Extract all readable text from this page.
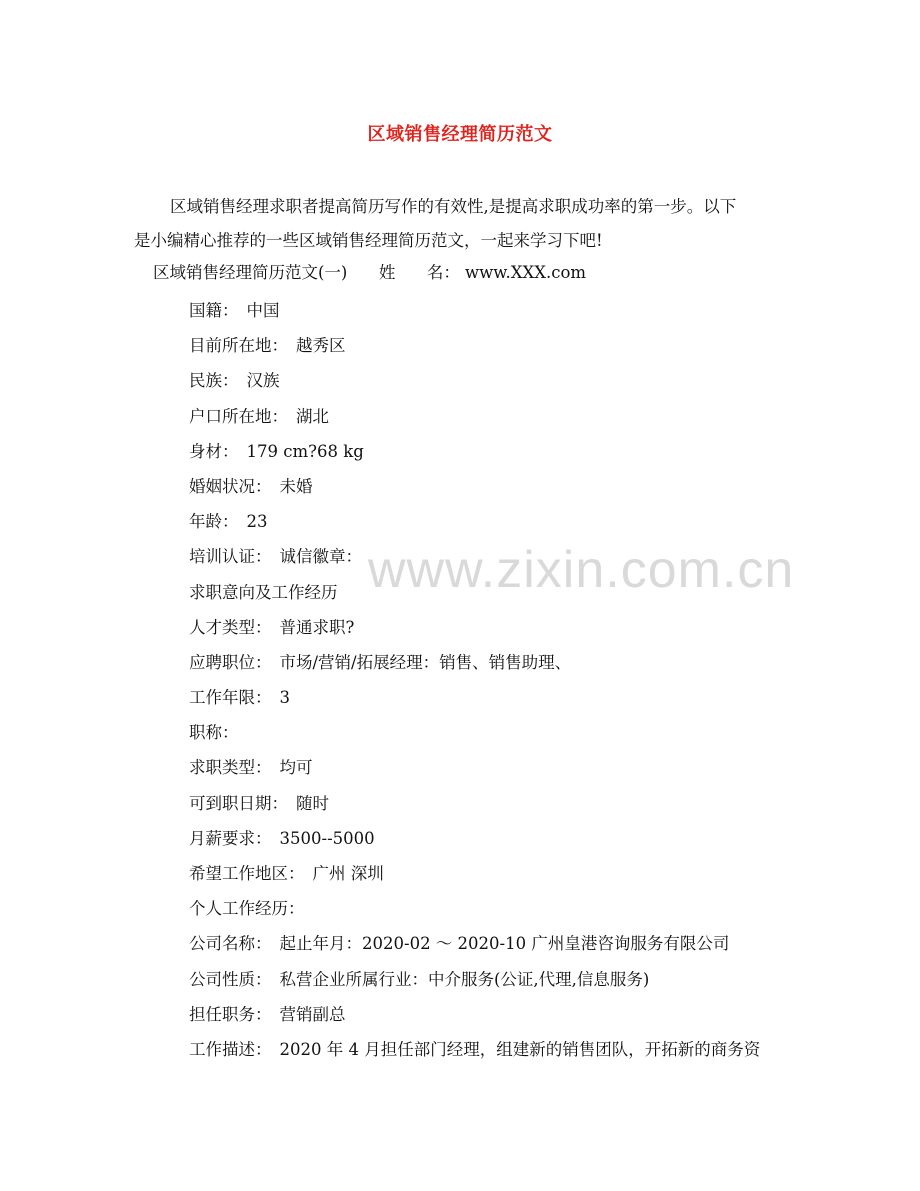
区域销售经理简历范文
区域销售经理求职者提高简历写作的有效性,是提高求职成功率的第一步。以下
是小编精心推荐的一些区域销售经理简历范文，一起来学习下吧!
区域销售经理简历范文(一)      姓      名： www.XXX.com
国籍： 中国
目前所在地： 越秀区
民族： 汉族
户口所在地： 湖北
身材： 179 cm?68 kg
婚姻状况： 未婚
年龄： 23
培训认证： 诚信徽章：
求职意向及工作经历
人才类型： 普通求职?
应聘职位： 市场/营销/拓展经理：销售、销售助理、
工作年限： 3
职称：
求职类型： 均可
可到职日期： 随时
月薪要求： 3500--5000
希望工作地区： 广州 深圳
个人工作经历：
公司名称： 起止年月：2020-02 ～ 2020-10 广州皇港咨询服务有限公司
公司性质： 私营企业所属行业：中介服务(公证,代理,信息服务)
担任职务： 营销副总
工作描述： 2020 年 4 月担任部门经理，组建新的销售团队，开拓新的商务资
www.zixin.com.cn
